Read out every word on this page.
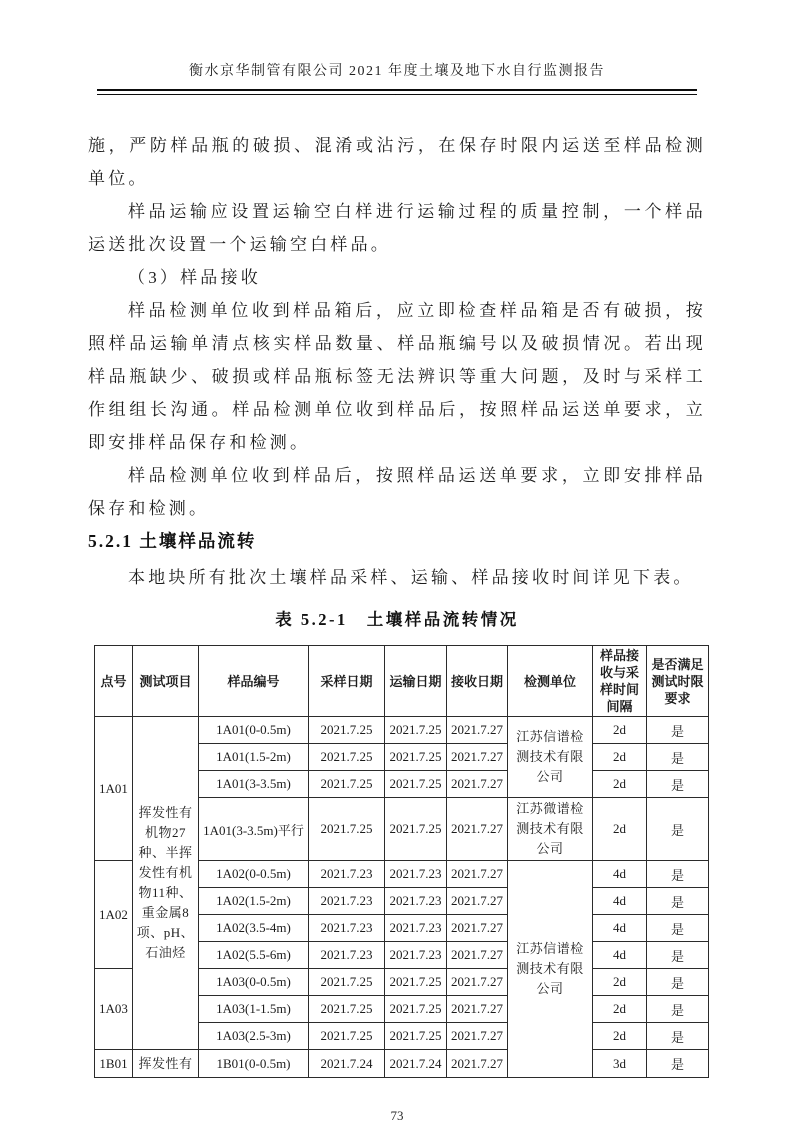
衡水京华制管有限公司 2021 年度土壤及地下水自行监测报告

施，严防样品瓶的破损、混淆或沾污，在保存时限内运送至样品检测单位。

样品运输应设置运输空白样进行运输过程的质量控制，一个样品运送批次设置一个运输空白样品。

（3）样品接收

样品检测单位收到样品箱后，应立即检查样品箱是否有破损，按照样品运输单清点核实样品数量、样品瓶编号以及破损情况。若出现样品瓶缺少、破损或样品瓶标签无法辨识等重大问题，及时与采样工作组组长沟通。样品检测单位收到样品后，按照样品运送单要求，立即安排样品保存和检测。

样品检测单位收到样品后，按照样品运送单要求，立即安排样品保存和检测。

5.2.1 土壤样品流转

本地块所有批次土壤样品采样、运输、样品接收时间详见下表。

表 5.2-1　土壤样品流转情况
点号	测试项目	样品编号	采样日期	运输日期	接收日期	检测单位	样品接收与采样时间间隔	是否满足测试时限要求
1A01	挥发性有机物27种、半挥发性有机物11种、重金属8项、pH、石油烃	1A01(0-0.5m)	2021.7.25	2021.7.25	2021.7.27	江苏信谱检测技术有限公司	2d	是
		1A01(1.5-2m)	2021.7.25	2021.7.25	2021.7.27		2d	是
		1A01(3-3.5m)	2021.7.25	2021.7.25	2021.7.27		2d	是
		1A01(3-3.5m)平行	2021.7.25	2021.7.25	2021.7.27	江苏微谱检测技术有限公司	2d	是
1A02		1A02(0-0.5m)	2021.7.23	2021.7.23	2021.7.27	江苏信谱检测技术有限公司	4d	是
		1A02(1.5-2m)	2021.7.23	2021.7.23	2021.7.27		4d	是
		1A02(3.5-4m)	2021.7.23	2021.7.23	2021.7.27		4d	是
		1A02(5.5-6m)	2021.7.23	2021.7.23	2021.7.27		4d	是
1A03		1A03(0-0.5m)	2021.7.25	2021.7.25	2021.7.27		2d	是
		1A03(1-1.5m)	2021.7.25	2021.7.25	2021.7.27		2d	是
		1A03(2.5-3m)	2021.7.25	2021.7.25	2021.7.27		2d	是
1B01	挥发性有	1B01(0-0.5m)	2021.7.24	2021.7.24	2021.7.27		3d	是
73
